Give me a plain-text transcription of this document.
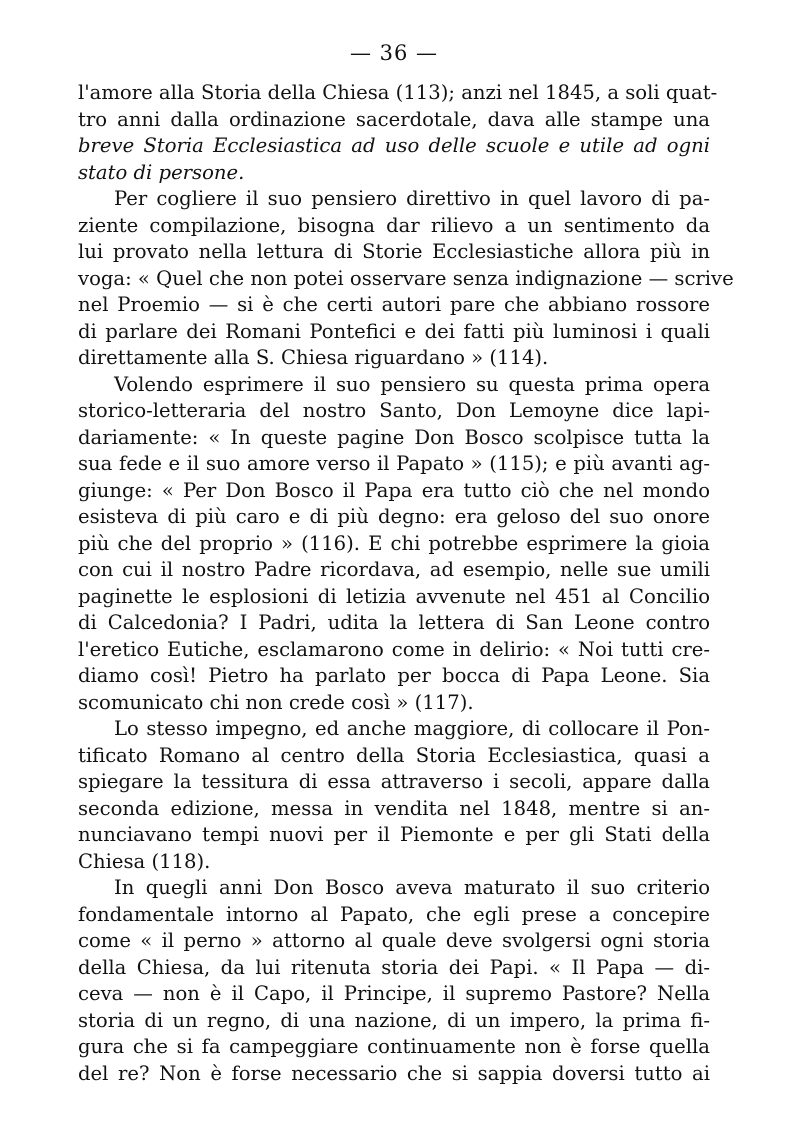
— 36 —
l'amore alla Storia della Chiesa (113); anzi nel 1845, a soli quat-
tro anni dalla ordinazione sacerdotale, dava alle stampe una
breve Storia Ecclesiastica ad uso delle scuole e utile ad ogni
stato di persone.
Per cogliere il suo pensiero direttivo in quel lavoro di pa-
ziente compilazione, bisogna dar rilievo a un sentimento da
lui provato nella lettura di Storie Ecclesiastiche allora più in
voga: « Quel che non potei osservare senza indignazione — scrive
nel Proemio — si è che certi autori pare che abbiano rossore
di parlare dei Romani Pontefici e dei fatti più luminosi i quali
direttamente alla S. Chiesa riguardano » (114).
Volendo esprimere il suo pensiero su questa prima opera
storico-letteraria del nostro Santo, Don Lemoyne dice lapi-
dariamente: « In queste pagine Don Bosco scolpisce tutta la
sua fede e il suo amore verso il Papato » (115); e più avanti ag-
giunge: « Per Don Bosco il Papa era tutto ciò che nel mondo
esisteva di più caro e di più degno: era geloso del suo onore
più che del proprio » (116). E chi potrebbe esprimere la gioia
con cui il nostro Padre ricordava, ad esempio, nelle sue umili
paginette le esplosioni di letizia avvenute nel 451 al Concilio
di Calcedonia? I Padri, udita la lettera di San Leone contro
l'eretico Eutiche, esclamarono come in delirio: « Noi tutti cre-
diamo così! Pietro ha parlato per bocca di Papa Leone. Sia
scomunicato chi non crede così » (117).
Lo stesso impegno, ed anche maggiore, di collocare il Pon-
tificato Romano al centro della Storia Ecclesiastica, quasi a
spiegare la tessitura di essa attraverso i secoli, appare dalla
seconda edizione, messa in vendita nel 1848, mentre si an-
nunciavano tempi nuovi per il Piemonte e per gli Stati della
Chiesa (118).
In quegli anni Don Bosco aveva maturato il suo criterio
fondamentale intorno al Papato, che egli prese a concepire
come « il perno » attorno al quale deve svolgersi ogni storia
della Chiesa, da lui ritenuta storia dei Papi. « Il Papa — di-
ceva — non è il Capo, il Principe, il supremo Pastore? Nella
storia di un regno, di una nazione, di un impero, la prima fi-
gura che si fa campeggiare continuamente non è forse quella
del re? Non è forse necessario che si sappia doversi tutto ai
